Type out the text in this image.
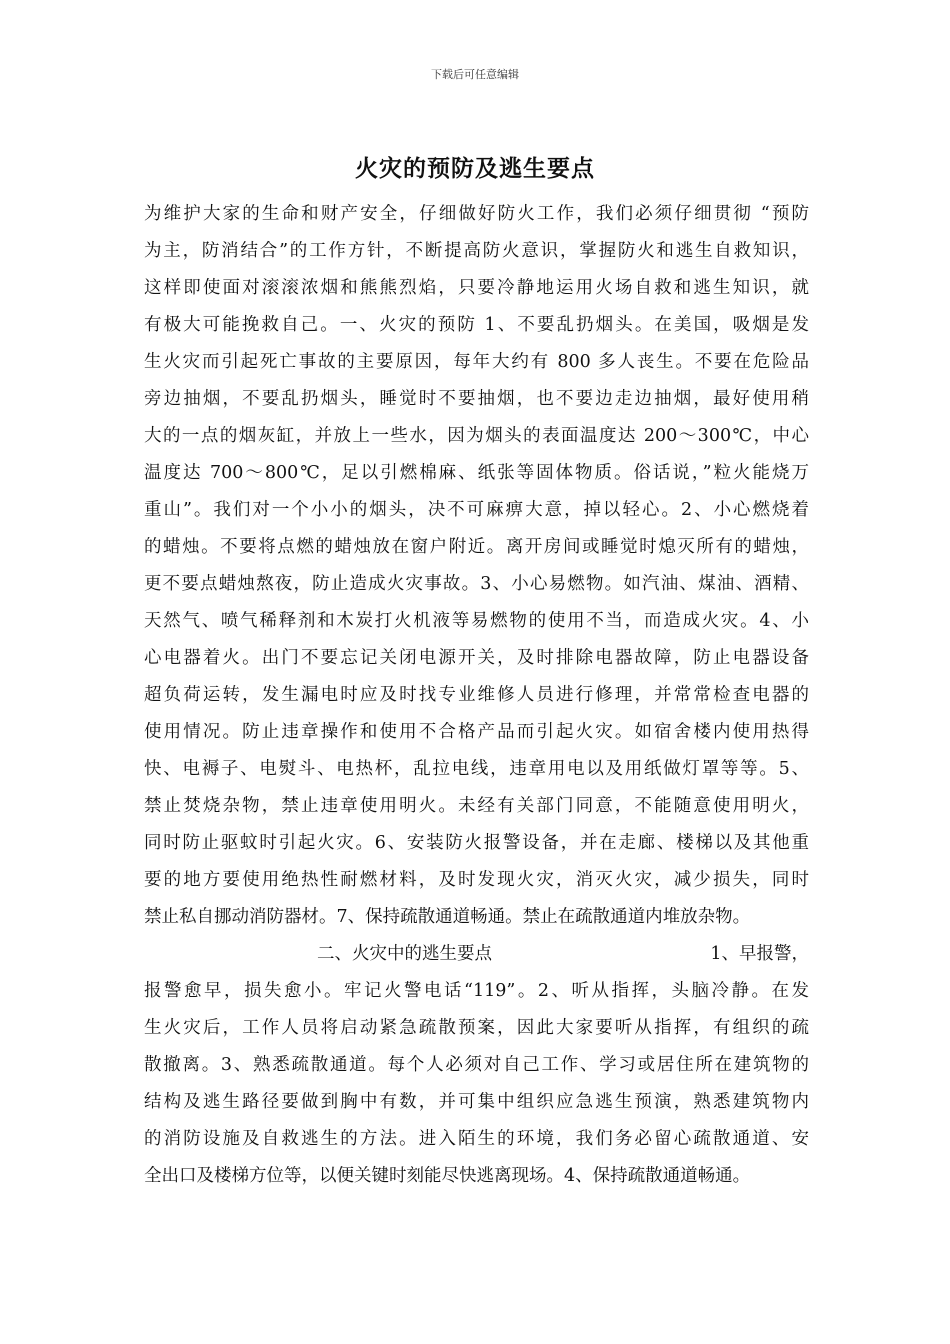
下载后可任意编辑
火灾的预防及逃生要点
为维护大家的生命和财产安全，仔细做好防火工作，我们必须仔细贯彻 “预防
为主，防消结合”的工作方针，不断提高防火意识，掌握防火和逃生自救知识，
这样即使面对滚滚浓烟和熊熊烈焰，只要冷静地运用火场自救和逃生知识，就
有极大可能挽救自己。一、火灾的预防 1、不要乱扔烟头。在美国，吸烟是发
生火灾而引起死亡事故的主要原因，每年大约有 800 多人丧生。不要在危险品
旁边抽烟，不要乱扔烟头，睡觉时不要抽烟，也不要边走边抽烟，最好使用稍
大的一点的烟灰缸，并放上一些水，因为烟头的表面温度达 200～300℃，中心
温度达 700～800℃，足以引燃棉麻、纸张等固体物质。俗话说，”粒火能烧万
重山”。我们对一个小小的烟头，决不可麻痹大意，掉以轻心。2、小心燃烧着
的蜡烛。不要将点燃的蜡烛放在窗户附近。离开房间或睡觉时熄灭所有的蜡烛，
更不要点蜡烛熬夜，防止造成火灾事故。3、小心易燃物。如汽油、煤油、酒精、
天然气、喷气稀释剂和木炭打火机液等易燃物的使用不当，而造成火灾。4、小
心电器着火。出门不要忘记关闭电源开关，及时排除电器故障，防止电器设备
超负荷运转，发生漏电时应及时找专业维修人员进行修理，并常常检查电器的
使用情况。防止违章操作和使用不合格产品而引起火灾。如宿舍楼内使用热得
快、电褥子、电熨斗、电热杯，乱拉电线，违章用电以及用纸做灯罩等等。5、
禁止焚烧杂物，禁止违章使用明火。未经有关部门同意，不能随意使用明火，
同时防止驱蚊时引起火灾。6、安装防火报警设备，并在走廊、楼梯以及其他重
要的地方要使用绝热性耐燃材料，及时发现火灾，消灭火灾，减少损失，同时
禁止私自挪动消防器材。7、保持疏散通道畅通。禁止在疏散通道内堆放杂物。
二、火灾中的逃生要点	1、早报警，
报警愈早，损失愈小。牢记火警电话“119”。2、听从指挥，头脑冷静。在发
生火灾后，工作人员将启动紧急疏散预案，因此大家要听从指挥，有组织的疏
散撤离。3、熟悉疏散通道。每个人必须对自己工作、学习或居住所在建筑物的
结构及逃生路径要做到胸中有数，并可集中组织应急逃生预演，熟悉建筑物内
的消防设施及自救逃生的方法。进入陌生的环境，我们务必留心疏散通道、安
全出口及楼梯方位等，以便关键时刻能尽快逃离现场。4、保持疏散通道畅通。
